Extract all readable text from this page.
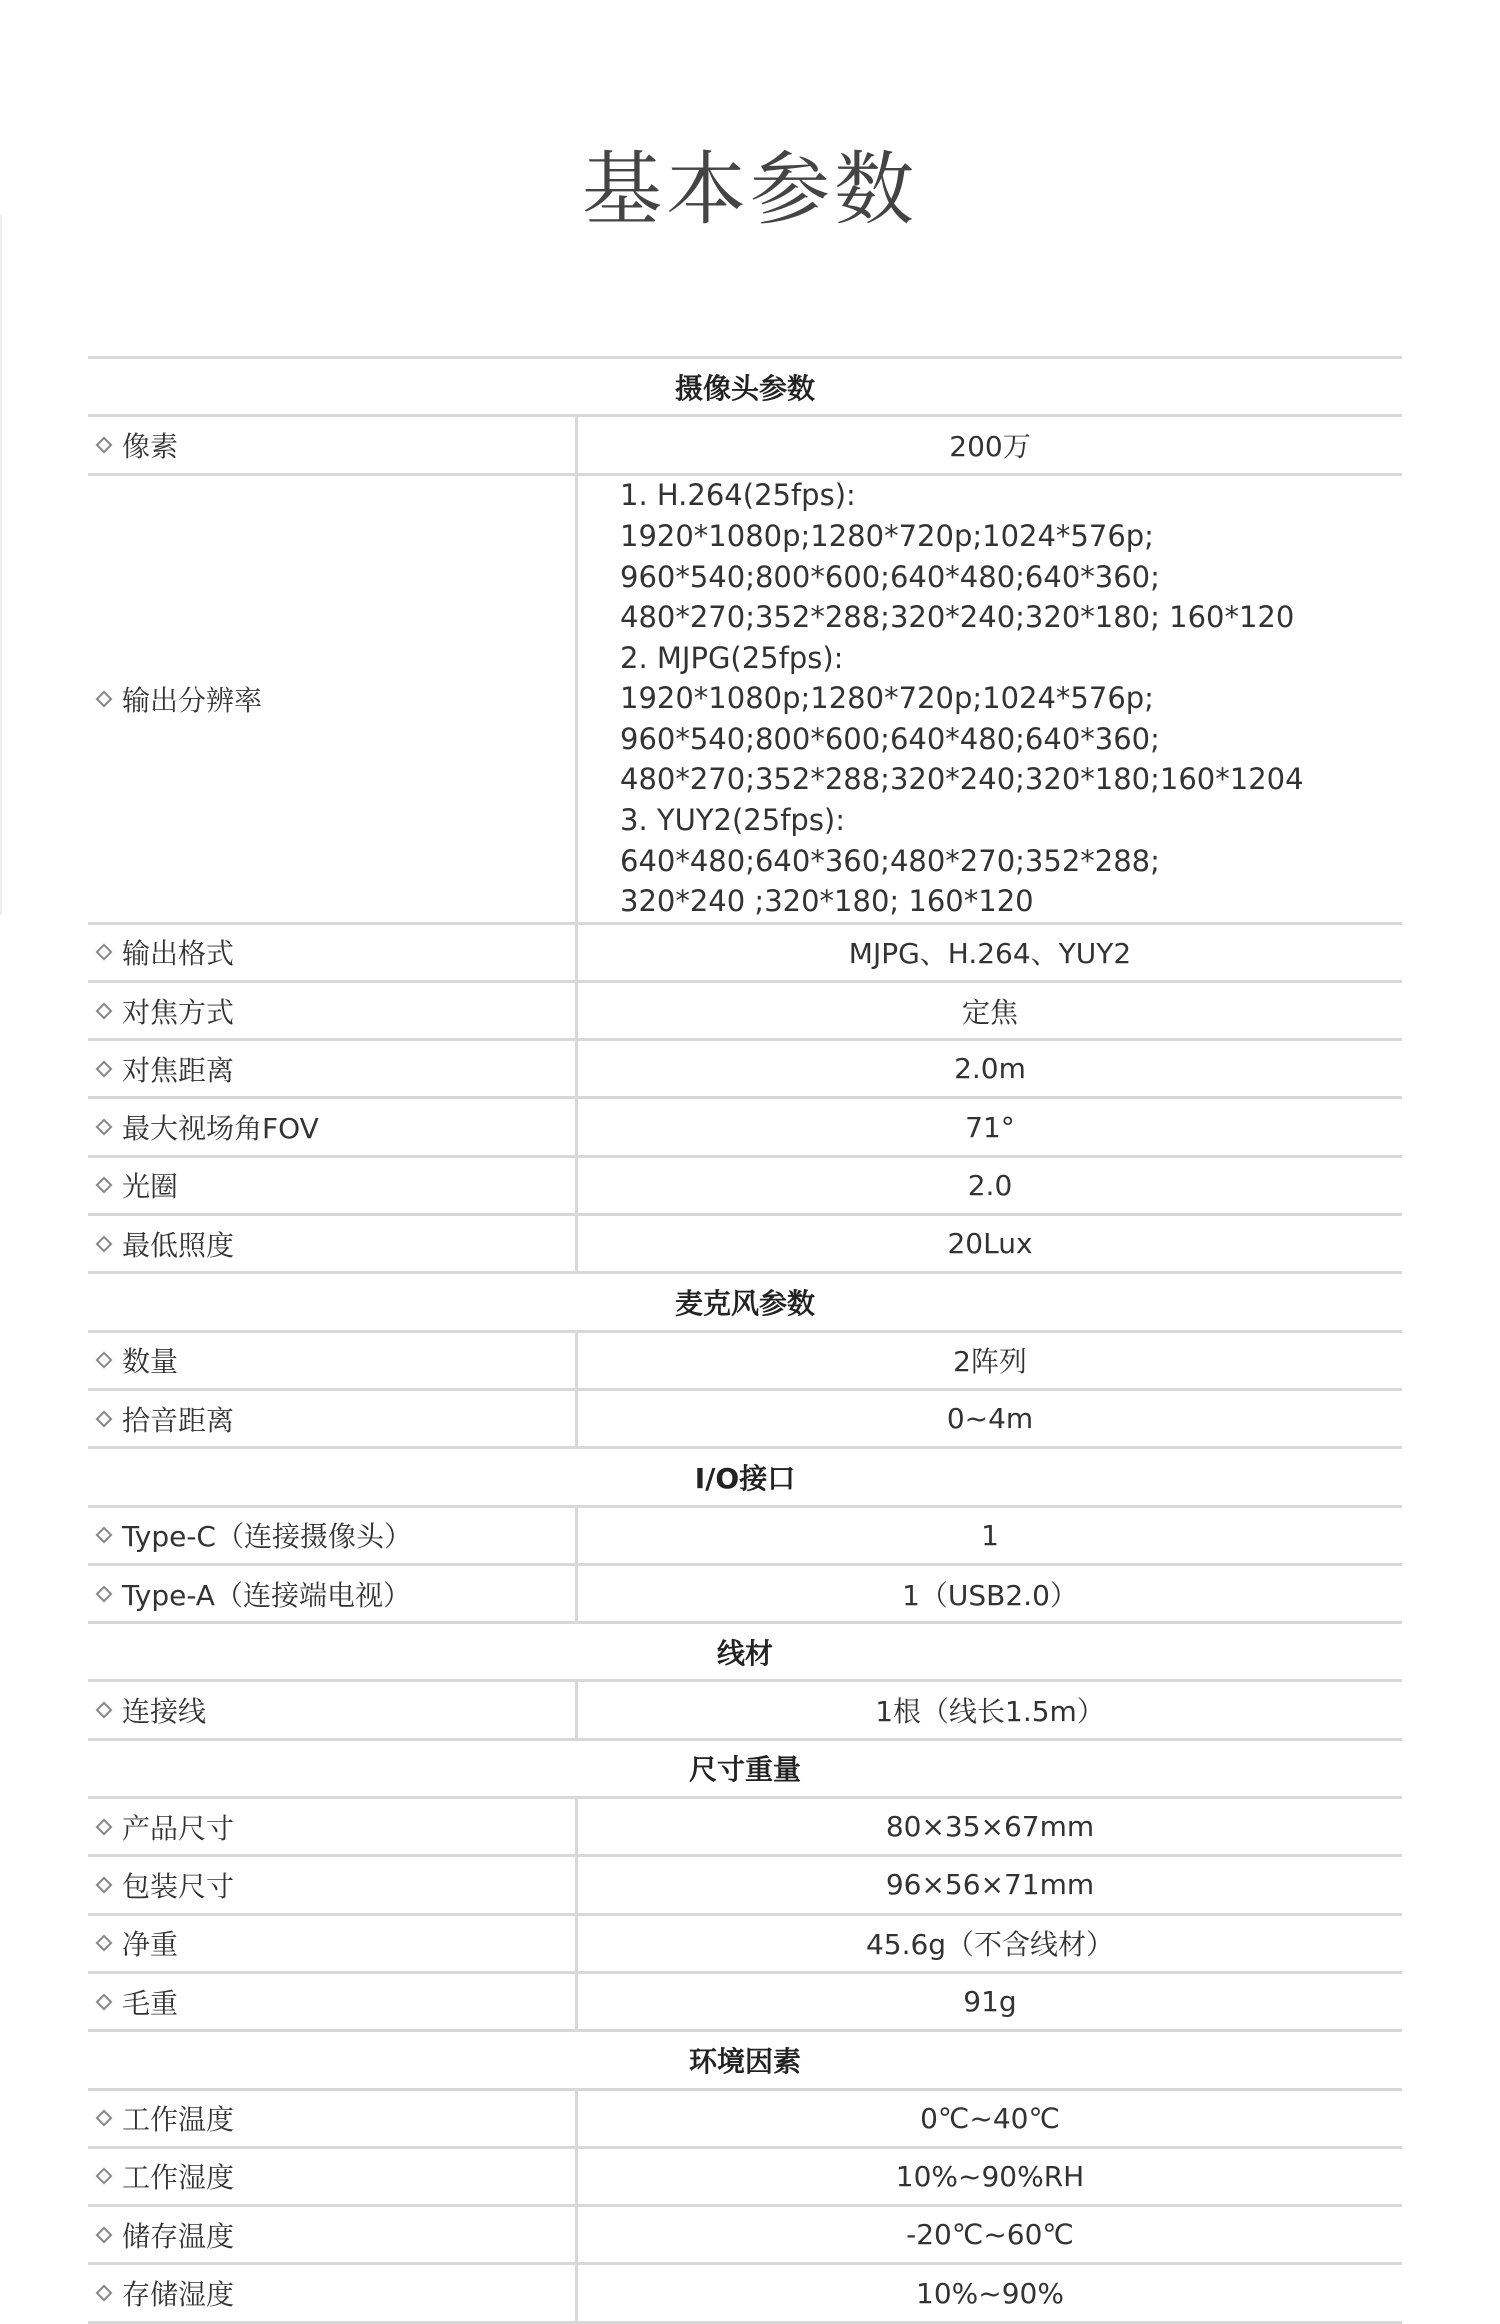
基本参数
摄像头参数
像素	200万
输出分辨率
1. H.264(25fps):
1920*1080p;1280*720p;1024*576p;
960*540;800*600;640*480;640*360;
480*270;352*288;320*240;320*180; 160*120
2. MJPG(25fps):
1920*1080p;1280*720p;1024*576p;
960*540;800*600;640*480;640*360;
480*270;352*288;320*240;320*180;160*1204
3. YUY2(25fps):
640*480;640*360;480*270;352*288;
320*240 ;320*180; 160*120
输出格式	MJPG、H.264、YUY2
对焦方式	定焦
对焦距离	2.0m
最大视场角FOV	71°
光圈	2.0
最低照度	20Lux
麦克风参数
数量	2阵列
拾音距离	0~4m
I/O接口
Type-C（连接摄像头）	1
Type-A（连接端电视）	1（USB2.0）
线材
连接线	1根（线长1.5m）
尺寸重量
产品尺寸	80×35×67mm
包装尺寸	96×56×71mm
净重	45.6g（不含线材）
毛重	91g
环境因素
工作温度	0℃~40℃
工作湿度	10%~90%RH
储存温度	-20℃~60℃
存储湿度	10%~90%
